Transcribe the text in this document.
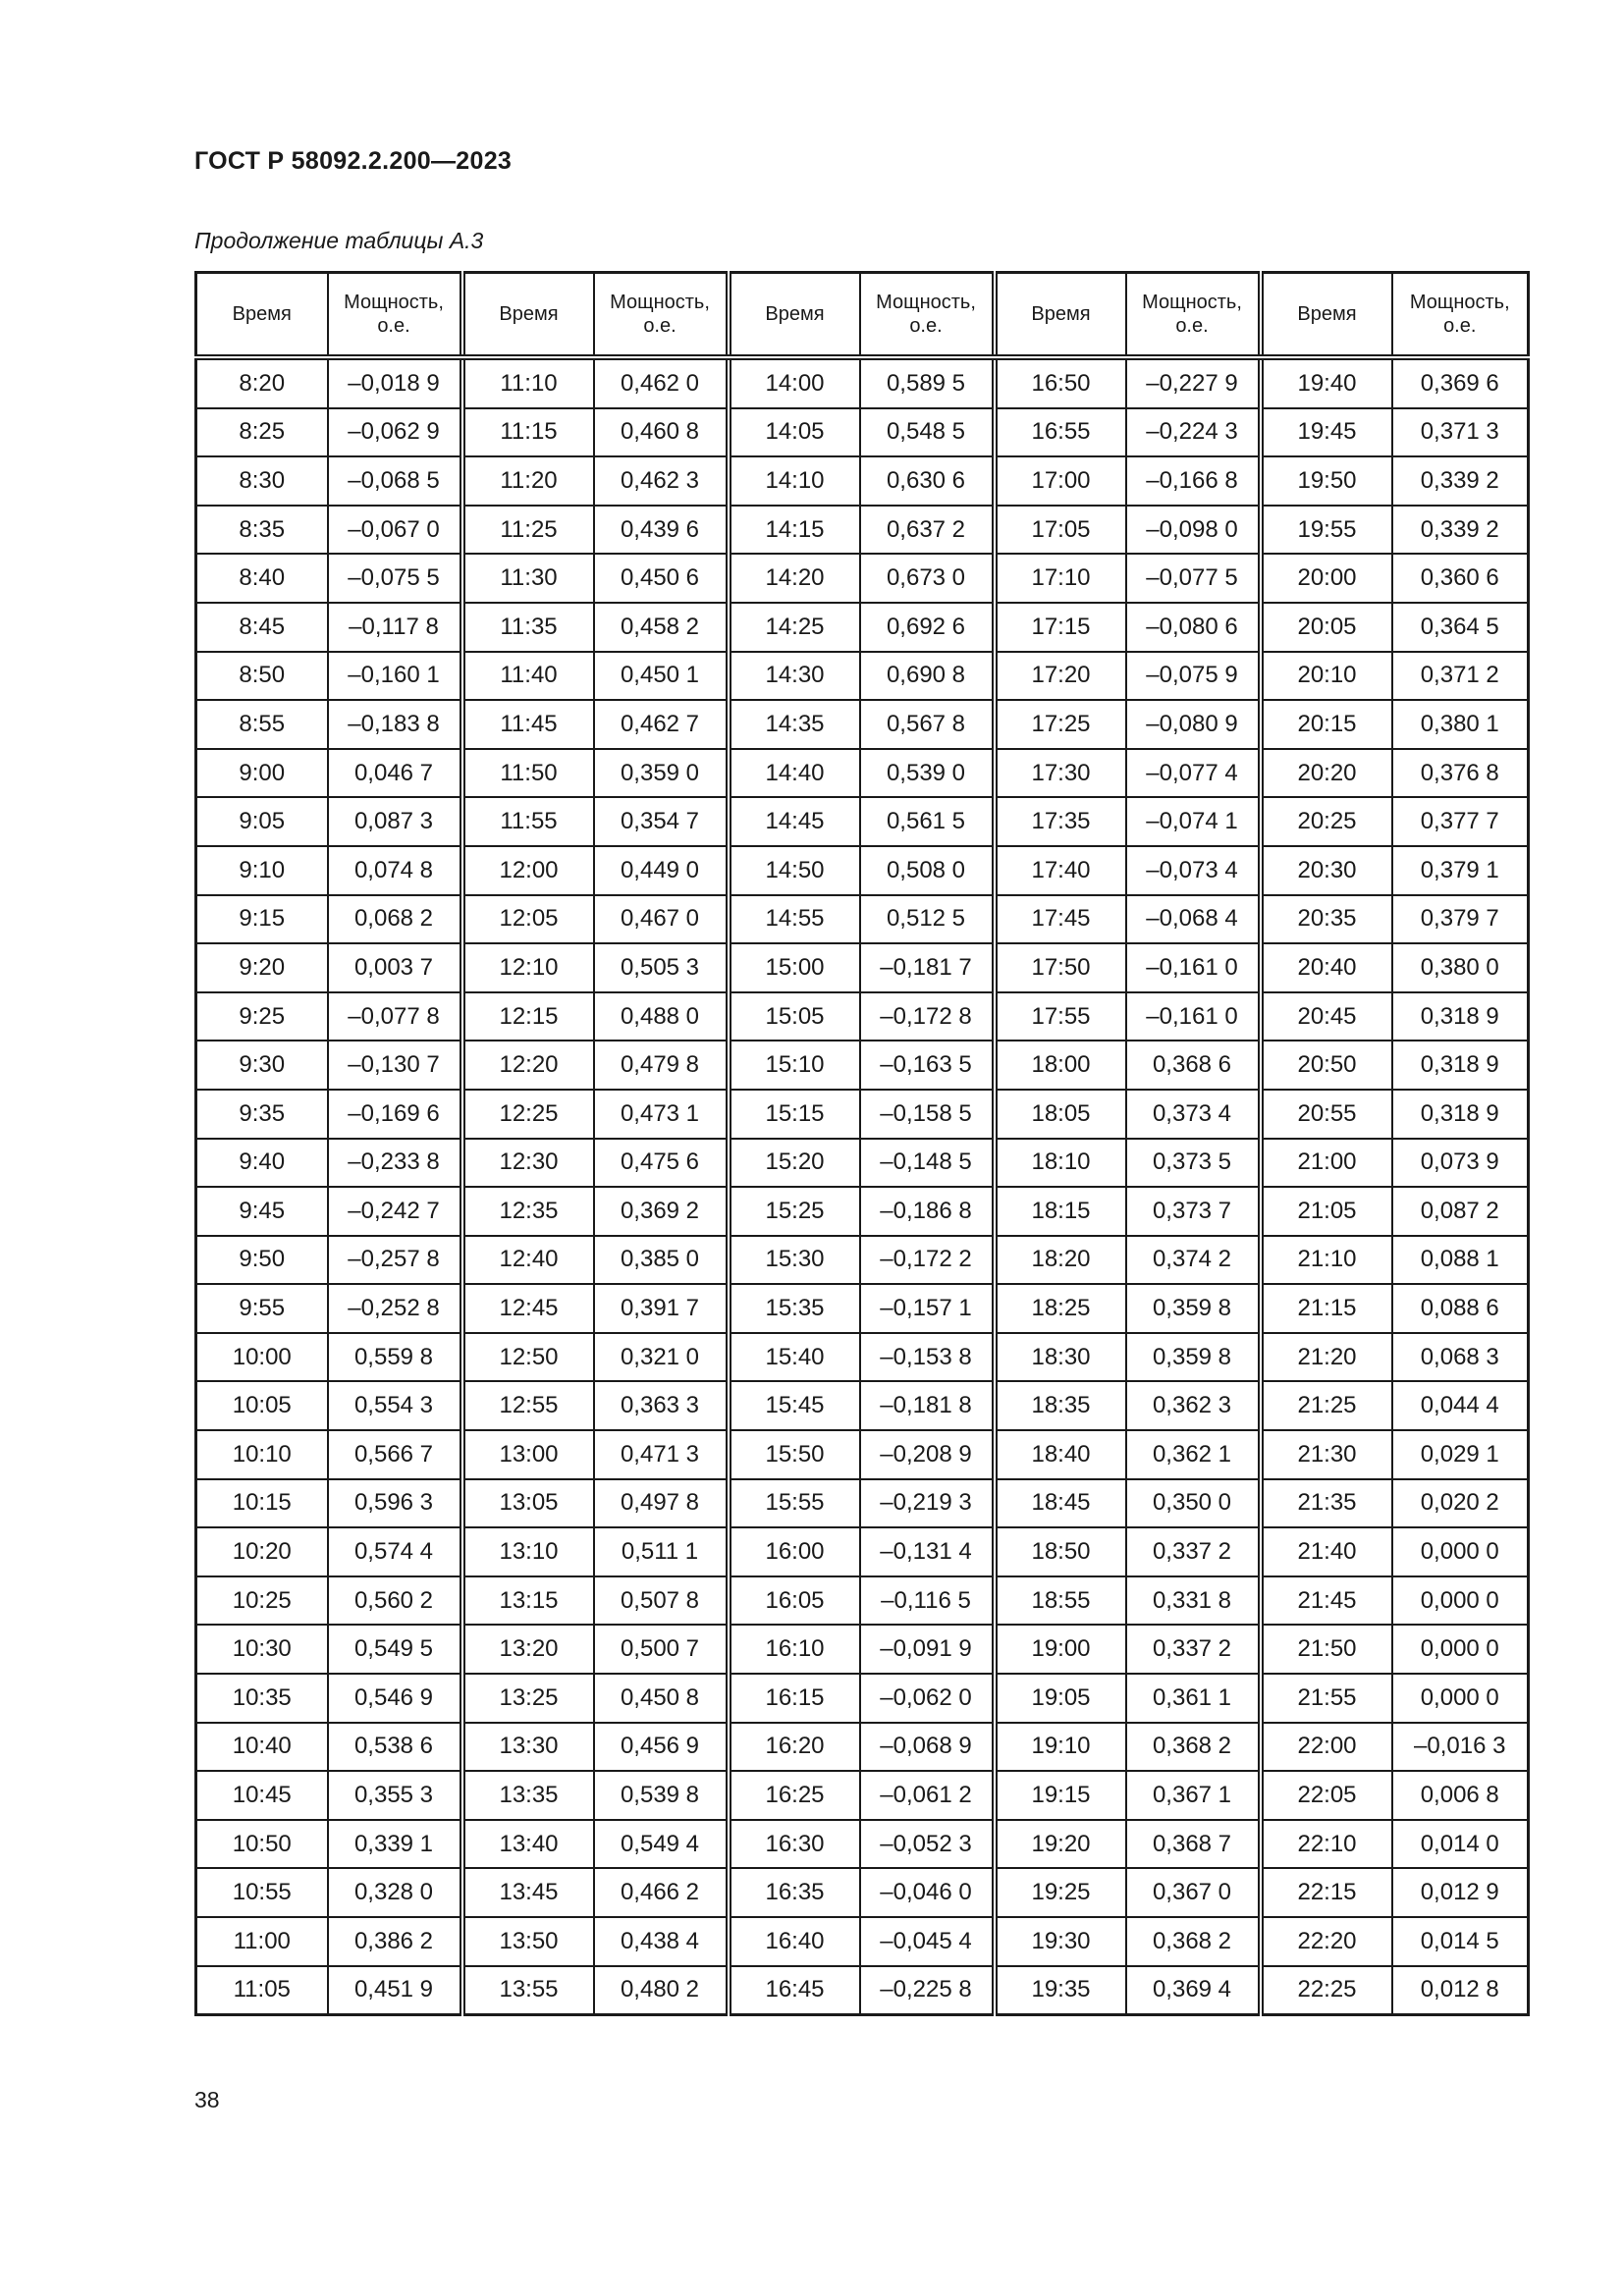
ГОСТ Р 58092.2.200—2023
Продолжение таблицы А.3
Время	Мощность, о.е.	Время	Мощность, о.е.	Время	Мощность, о.е.	Время	Мощность, о.е.	Время	Мощность, о.е.
8:20	–0,018 9	11:10	0,462 0	14:00	0,589 5	16:50	–0,227 9	19:40	0,369 6
8:25	–0,062 9	11:15	0,460 8	14:05	0,548 5	16:55	–0,224 3	19:45	0,371 3
8:30	–0,068 5	11:20	0,462 3	14:10	0,630 6	17:00	–0,166 8	19:50	0,339 2
8:35	–0,067 0	11:25	0,439 6	14:15	0,637 2	17:05	–0,098 0	19:55	0,339 2
8:40	–0,075 5	11:30	0,450 6	14:20	0,673 0	17:10	–0,077 5	20:00	0,360 6
8:45	–0,117 8	11:35	0,458 2	14:25	0,692 6	17:15	–0,080 6	20:05	0,364 5
8:50	–0,160 1	11:40	0,450 1	14:30	0,690 8	17:20	–0,075 9	20:10	0,371 2
8:55	–0,183 8	11:45	0,462 7	14:35	0,567 8	17:25	–0,080 9	20:15	0,380 1
9:00	0,046 7	11:50	0,359 0	14:40	0,539 0	17:30	–0,077 4	20:20	0,376 8
9:05	0,087 3	11:55	0,354 7	14:45	0,561 5	17:35	–0,074 1	20:25	0,377 7
9:10	0,074 8	12:00	0,449 0	14:50	0,508 0	17:40	–0,073 4	20:30	0,379 1
9:15	0,068 2	12:05	0,467 0	14:55	0,512 5	17:45	–0,068 4	20:35	0,379 7
9:20	0,003 7	12:10	0,505 3	15:00	–0,181 7	17:50	–0,161 0	20:40	0,380 0
9:25	–0,077 8	12:15	0,488 0	15:05	–0,172 8	17:55	–0,161 0	20:45	0,318 9
9:30	–0,130 7	12:20	0,479 8	15:10	–0,163 5	18:00	0,368 6	20:50	0,318 9
9:35	–0,169 6	12:25	0,473 1	15:15	–0,158 5	18:05	0,373 4	20:55	0,318 9
9:40	–0,233 8	12:30	0,475 6	15:20	–0,148 5	18:10	0,373 5	21:00	0,073 9
9:45	–0,242 7	12:35	0,369 2	15:25	–0,186 8	18:15	0,373 7	21:05	0,087 2
9:50	–0,257 8	12:40	0,385 0	15:30	–0,172 2	18:20	0,374 2	21:10	0,088 1
9:55	–0,252 8	12:45	0,391 7	15:35	–0,157 1	18:25	0,359 8	21:15	0,088 6
10:00	0,559 8	12:50	0,321 0	15:40	–0,153 8	18:30	0,359 8	21:20	0,068 3
10:05	0,554 3	12:55	0,363 3	15:45	–0,181 8	18:35	0,362 3	21:25	0,044 4
10:10	0,566 7	13:00	0,471 3	15:50	–0,208 9	18:40	0,362 1	21:30	0,029 1
10:15	0,596 3	13:05	0,497 8	15:55	–0,219 3	18:45	0,350 0	21:35	0,020 2
10:20	0,574 4	13:10	0,511 1	16:00	–0,131 4	18:50	0,337 2	21:40	0,000 0
10:25	0,560 2	13:15	0,507 8	16:05	–0,116 5	18:55	0,331 8	21:45	0,000 0
10:30	0,549 5	13:20	0,500 7	16:10	–0,091 9	19:00	0,337 2	21:50	0,000 0
10:35	0,546 9	13:25	0,450 8	16:15	–0,062 0	19:05	0,361 1	21:55	0,000 0
10:40	0,538 6	13:30	0,456 9	16:20	–0,068 9	19:10	0,368 2	22:00	–0,016 3
10:45	0,355 3	13:35	0,539 8	16:25	–0,061 2	19:15	0,367 1	22:05	0,006 8
10:50	0,339 1	13:40	0,549 4	16:30	–0,052 3	19:20	0,368 7	22:10	0,014 0
10:55	0,328 0	13:45	0,466 2	16:35	–0,046 0	19:25	0,367 0	22:15	0,012 9
11:00	0,386 2	13:50	0,438 4	16:40	–0,045 4	19:30	0,368 2	22:20	0,014 5
11:05	0,451 9	13:55	0,480 2	16:45	–0,225 8	19:35	0,369 4	22:25	0,012 8
38
